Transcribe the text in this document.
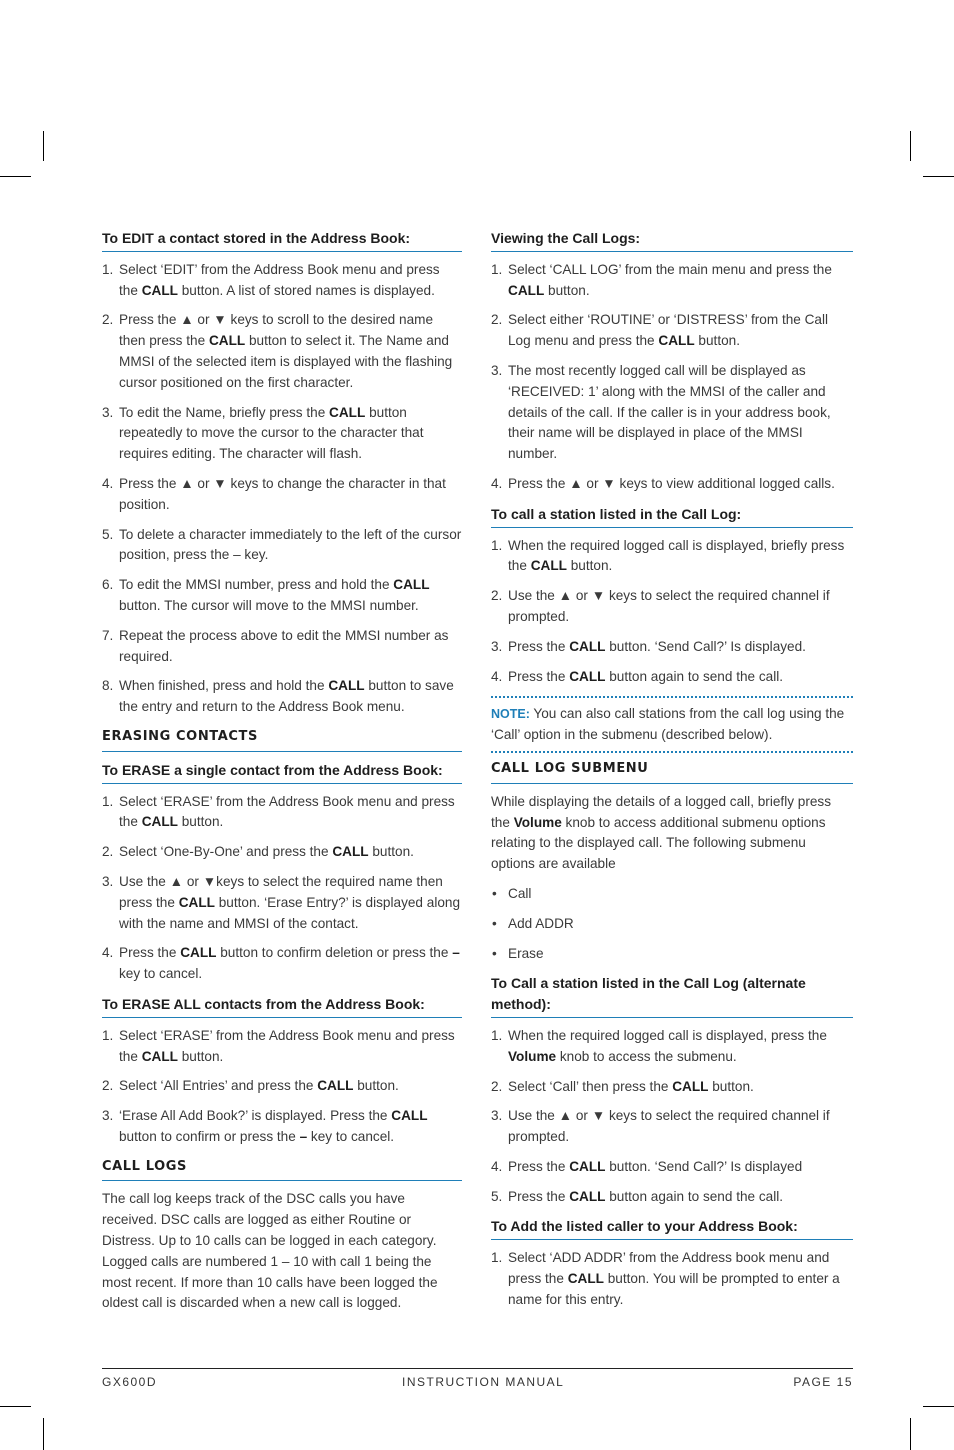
To EDIT a contact stored in the Address Book:
1. Select ‘EDIT’ from the Address Book menu and press the CALL button. A list of stored names is displayed.
2. Press the ▲ or ▼ keys to scroll to the desired name then press the CALL button to select it. The Name and MMSI of the selected item is displayed with the flashing cursor positioned on the first character.
3. To edit the Name, briefly press the CALL button repeatedly to move the cursor to the character that requires editing. The character will flash.
4. Press the ▲ or ▼ keys to change the character in that position.
5. To delete a character immediately to the left of the cursor position, press the – key.
6. To edit the MMSI number, press and hold the CALL button. The cursor will move to the MMSI number.
7. Repeat the process above to edit the MMSI number as required.
8. When finished, press and hold the CALL button to save the entry and return to the Address Book menu.
ERASING CONTACTS
To ERASE a single contact from the Address Book:
1. Select ‘ERASE’ from the Address Book menu and press the CALL button.
2. Select ‘One-By-One’ and press the CALL button.
3. Use the ▲ or ▼keys to select the required name then press the CALL button. ‘Erase Entry?’ is displayed along with the name and MMSI of the contact.
4. Press the CALL button to confirm deletion or press the – key to cancel.
To ERASE ALL contacts from the Address Book:
1. Select ‘ERASE’ from the Address Book menu and press the CALL button.
2. Select ‘All Entries’ and press the CALL button.
3. ‘Erase All Add Book?’ is displayed. Press the CALL button to confirm or press the – key to cancel.
CALL LOGS

The call log keeps track of the DSC calls you have received. DSC calls are logged as either Routine or Distress. Up to 10 calls can be logged in each category. Logged calls are numbered 1 – 10 with call 1 being the most recent. If more than 10 calls have been logged the oldest call is discarded when a new call is logged.

Viewing the Call Logs:
1. Select ‘CALL LOG’ from the main menu and press the CALL button.
2. Select either ‘ROUTINE’ or ‘DISTRESS’ from the Call Log menu and press the CALL button.
3. The most recently logged call will be displayed as ‘RECEIVED: 1’ along with the MMSI of the caller and details of the call. If the caller is in your address book, their name will be displayed in place of the MMSI number.
4. Press the ▲ or ▼ keys to view additional logged calls.
To call a station listed in the Call Log:
1. When the required logged call is displayed, briefly press the CALL button.
2. Use the ▲ or ▼ keys to select the required channel if prompted.
3. Press the CALL button. ‘Send Call?’ Is displayed.
4. Press the CALL button again to send the call.
NOTE: You can also call stations from the call log using the ‘Call’ option in the submenu (described below).
CALL LOG SUBMENU

While displaying the details of a logged call, briefly press the Volume knob to access additional submenu options relating to the displayed call. The following submenu options are available

• Call
• Add ADDR
• Erase
To Call a station listed in the Call Log (alternate method):
1. When the required logged call is displayed, press the Volume knob to access the submenu.
2. Select ‘Call’ then press the CALL button.
3. Use the ▲ or ▼ keys to select the required channel if prompted.
4. Press the CALL button. ‘Send Call?’ Is displayed
5. Press the CALL button again to send the call.
To Add the listed caller to your Address Book:
1. Select ‘ADD ADDR’ from the Address book menu and press the CALL button. You will be prompted to enter a name for this entry.
GX600D	INSTRUCTION MANUAL	PAGE 15
